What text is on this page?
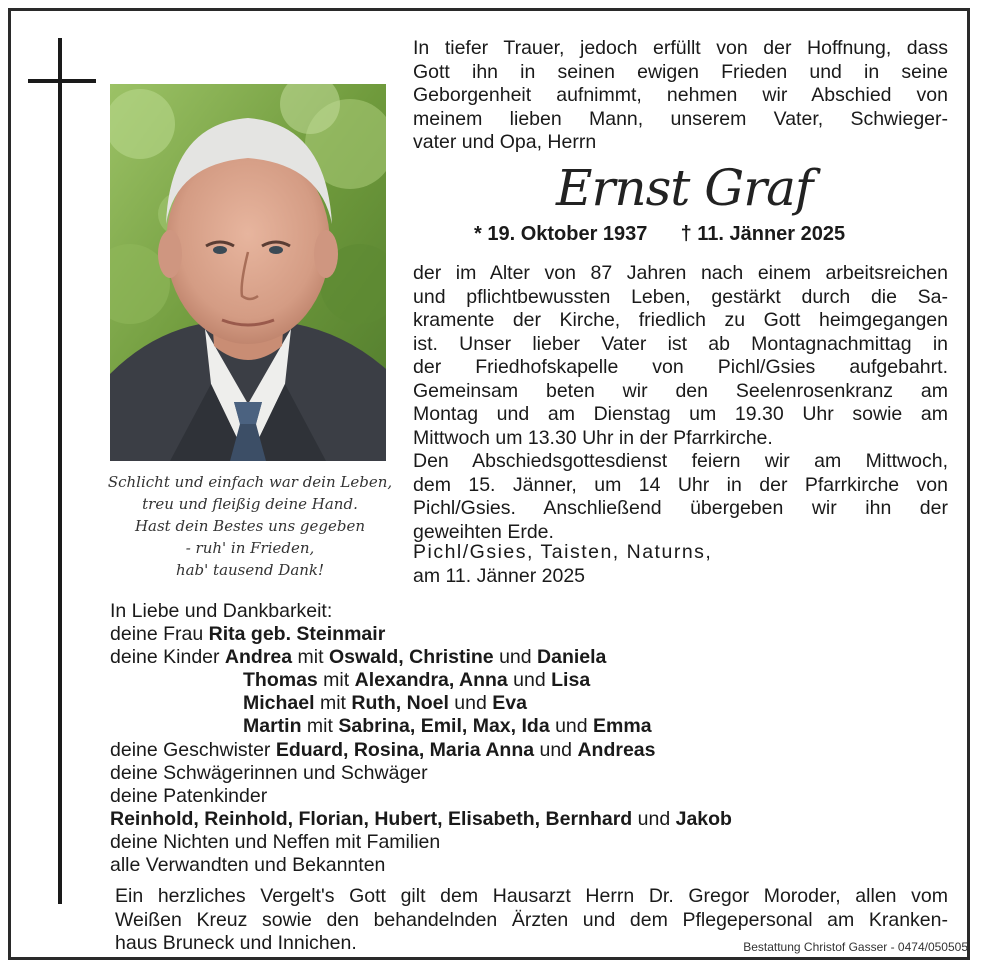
Schlicht und einfach war dein Leben,
treu und fleißig deine Hand.
Hast dein Bestes uns gegeben
- ruh' in Frieden,
hab' tausend Dank!
In tiefer Trauer, jedoch erfüllt von der Hoffnung, dass
Gott ihn in seinen ewigen Frieden und in seine
Geborgenheit aufnimmt, nehmen wir Abschied von
meinem lieben Mann, unserem Vater, Schwieger-
vater und Opa, Herrn
Ernst Graf
* 19. Oktober 1937 † 11. Jänner 2025
der im Alter von 87 Jahren nach einem arbeitsreichen
und pflichtbewussten Leben, gestärkt durch die Sa-
kramente der Kirche, friedlich zu Gott heimgegangen
ist. Unser lieber Vater ist ab Montagnachmittag in
der Friedhofskapelle von Pichl/Gsies aufgebahrt.
Gemeinsam beten wir den Seelenrosenkranz am
Montag und am Dienstag um 19.30 Uhr sowie am
Mittwoch um 13.30 Uhr in der Pfarrkirche.
Den Abschiedsgottesdienst feiern wir am Mittwoch,
dem 15. Jänner, um 14 Uhr in der Pfarrkirche von
Pichl/Gsies. Anschließend übergeben wir ihn der
geweihten Erde.
Pichl/Gsies, Taisten, Naturns,
am 11. Jänner 2025
In Liebe und Dankbarkeit:
deine Frau Rita geb. Steinmair
deine Kinder Andrea mit Oswald, Christine und Daniela
Thomas mit Alexandra, Anna und Lisa
Michael mit Ruth, Noel und Eva
Martin mit Sabrina, Emil, Max, Ida und Emma
deine Geschwister Eduard, Rosina, Maria Anna und Andreas
deine Schwägerinnen und Schwäger
deine Patenkinder
Reinhold, Reinhold, Florian, Hubert, Elisabeth, Bernhard und Jakob
deine Nichten und Neffen mit Familien
alle Verwandten und Bekannten
Ein herzliches Vergelt's Gott gilt dem Hausarzt Herrn Dr. Gregor Moroder, allen vom
Weißen Kreuz sowie den behandelnden Ärzten und dem Pflegepersonal am Kranken-
haus Bruneck und Innichen.	Bestattung Christof Gasser - 0474/050505
